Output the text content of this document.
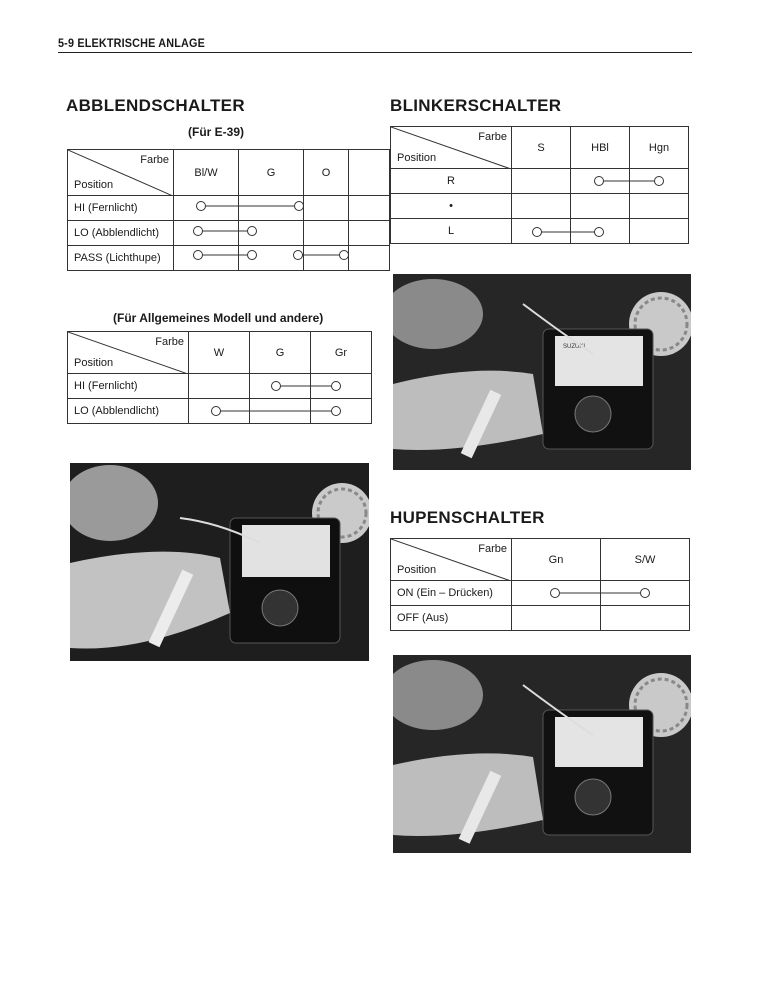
5-9 ELEKTRISCHE ANLAGE
ABBLENDSCHALTER
(Für E-39)
Farbe
Position	Bl/W	G	O	
HI (Fernlicht)				
LO (Abblendlicht)				
PASS (Lichthupe)				
(Für Allgemeines Modell und andere)
Farbe
Position	W	G	Gr
HI (Fernlicht)			
LO (Abblendlicht)			
BLINKERSCHALTER
Farbe
Position	S	HBl	Hgn
R			
•			
L			
HUPENSCHALTER
Farbe
Position	Gn	S/W
ON (Ein – Drücken)		
OFF (Aus)		
SUZUKI
